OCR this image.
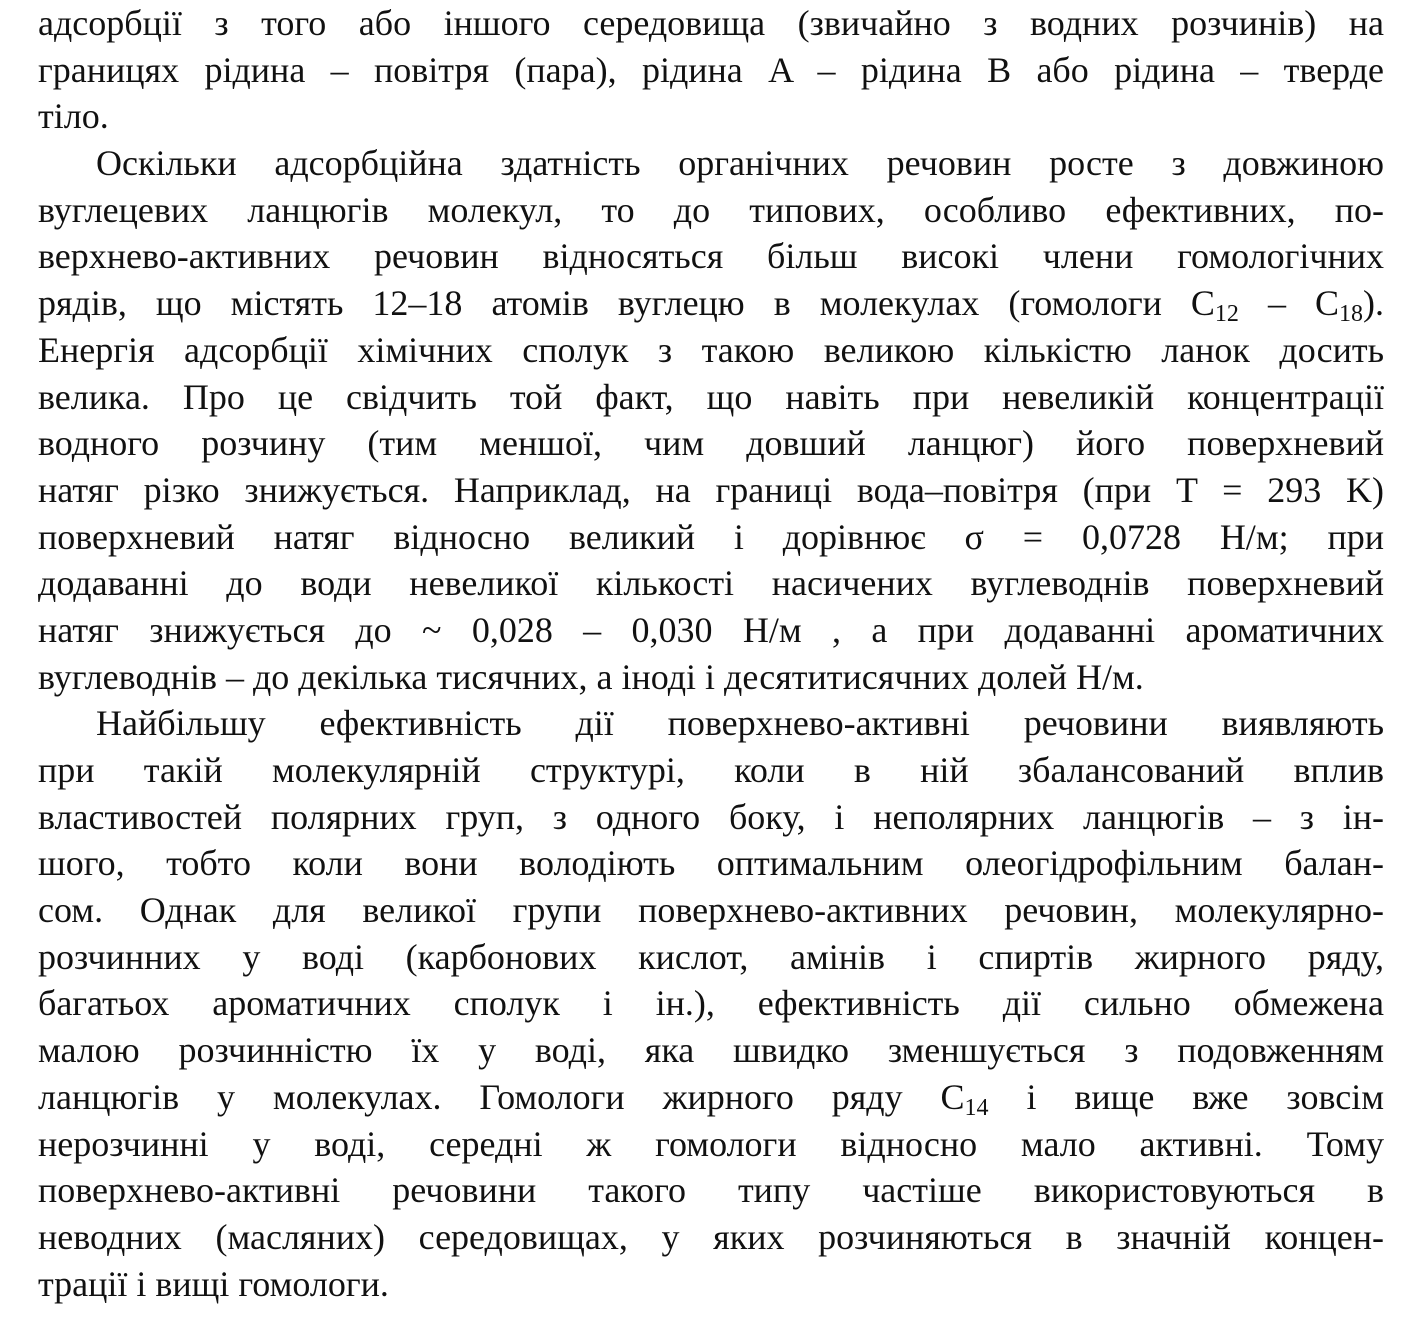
адсорбції з того або іншого середовища (звичайно з водних розчинів) на
границях рідина – повітря (пара), рідина A – рідина B або рідина – тверде
тіло.
Оскільки адсорбційна здатність органічних речовин росте з довжиною
вуглецевих ланцюгів молекул, то до типових, особливо ефективних, по-
верхнево-активних речовин відносяться більш високі члени гомологічних
рядів, що містять 12–18 атомів вуглецю в молекулах (гомологи $C_{12} - C_{18}$).
Енергія адсорбції хімічних сполук з такою великою кількістю ланок досить
велика. Про це свідчить той факт, що навіть при невеликій концентрації
водного розчину (тим меншої, чим довший ланцюг) його поверхневий
натяг різко знижується. Наприклад, на границі вода–повітря (при T = 293 K)
поверхневий натяг відносно великий і дорівнює σ = 0,0728 Н/м; при
додаванні до води невеликої кількості насичених вуглеводнів поверхневий
натяг знижується до ~ 0,028 – 0,030 Н/м , а при додаванні ароматичних
вуглеводнів – до декілька тисячних, а іноді і десятитисячних долей Н/м.
Найбільшу ефективність дії поверхнево-активні речовини виявляють
при такій молекулярній структурі, коли в ній збалансований вплив
властивостей полярних груп, з одного боку, і неполярних ланцюгів – з ін-
шого, тобто коли вони володіють оптимальним олеогідрофільним балан-
сом. Однак для великої групи поверхнево-активних речовин, молекулярно-
розчинних у воді (карбонових кислот, амінів і спиртів жирного ряду,
багатьох ароматичних сполук і ін.), ефективність дії сильно обмежена
малою розчинністю їх у воді, яка швидко зменшується з подовженням
ланцюгів у молекулах. Гомологи жирного ряду $C_{14}$ і вище вже зовсім
нерозчинні у воді, середні ж гомологи відносно мало активні. Тому
поверхнево-активні речовини такого типу частіше використовуються в
неводних (масляних) середовищах, у яких розчиняються в значній концен-
трації і вищі гомологи.
